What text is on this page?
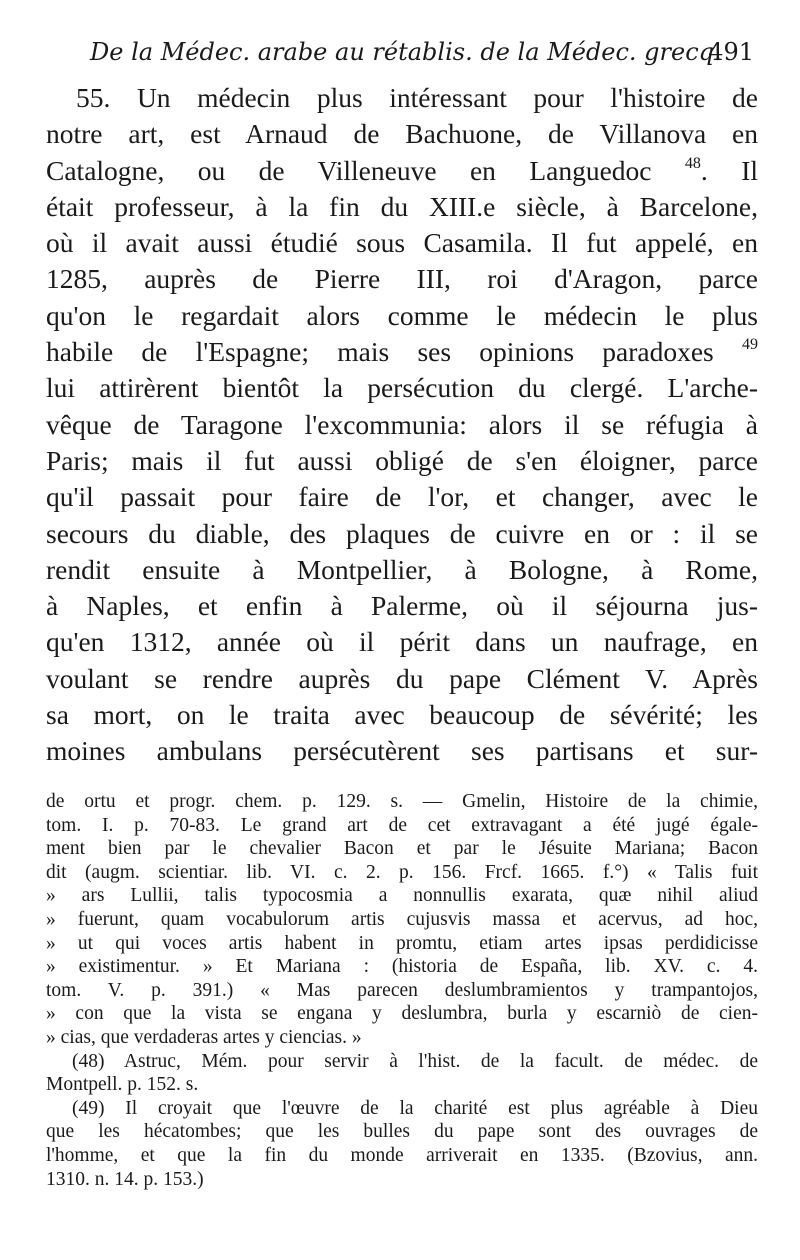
De la Médec. arabe au rétablis. de la Médec. grecq.
491
55. Un médecin plus intéressant pour l'histoire de
notre art, est Arnaud de Bachuone, de Villanova en
Catalogne, ou de Villeneuve en Languedoc $^{48}$. Il
était professeur, à la fin du XIII.e siècle, à Barcelone,
où il avait aussi étudié sous Casamila. Il fut appelé, en
1285, auprès de Pierre III, roi d'Aragon, parce
qu'on le regardait alors comme le médecin le plus
habile de l'Espagne; mais ses opinions paradoxes $^{49}$
lui attirèrent bientôt la persécution du clergé. L'arche-
vêque de Taragone l'excommunia: alors il se réfugia à
Paris; mais il fut aussi obligé de s'en éloigner, parce
qu'il passait pour faire de l'or, et changer, avec le
secours du diable, des plaques de cuivre en or : il se
rendit ensuite à Montpellier, à Bologne, à Rome,
à Naples, et enfin à Palerme, où il séjourna jus-
qu'en 1312, année où il périt dans un naufrage, en
voulant se rendre auprès du pape Clément V. Après
sa mort, on le traita avec beaucoup de sévérité; les
moines ambulans persécutèrent ses partisans et sur-
de ortu et progr. chem. p. 129. s. — Gmelin, Histoire de la chimie,
tom. I. p. 70-83. Le grand art de cet extravagant a été jugé égale-
ment bien par le chevalier Bacon et par le Jésuite Mariana; Bacon
dit (augm. scientiar. lib. VI. c. 2. p. 156. Frcf. 1665. f.°) « Talis fuit
» ars Lullii, talis typocosmia a nonnullis exarata, quæ nihil aliud
» fuerunt, quam vocabulorum artis cujusvis massa et acervus, ad hoc,
» ut qui voces artis habent in promtu, etiam artes ipsas perdidicisse
» existimentur. » Et Mariana : (historia de España, lib. XV. c. 4.
tom. V. p. 391.) « Mas parecen deslumbramientos y trampantojos,
» con que la vista se engana y deslumbra, burla y escarniò de cien-
» cias, que verdaderas artes y ciencias. »
(48) Astruc, Mém. pour servir à l'hist. de la facult. de médec. de
Montpell. p. 152. s.
(49) Il croyait que l'œuvre de la charité est plus agréable à Dieu
que les hécatombes; que les bulles du pape sont des ouvrages de
l'homme, et que la fin du monde arriverait en 1335. (Bzovius, ann.
1310. n. 14. p. 153.)
